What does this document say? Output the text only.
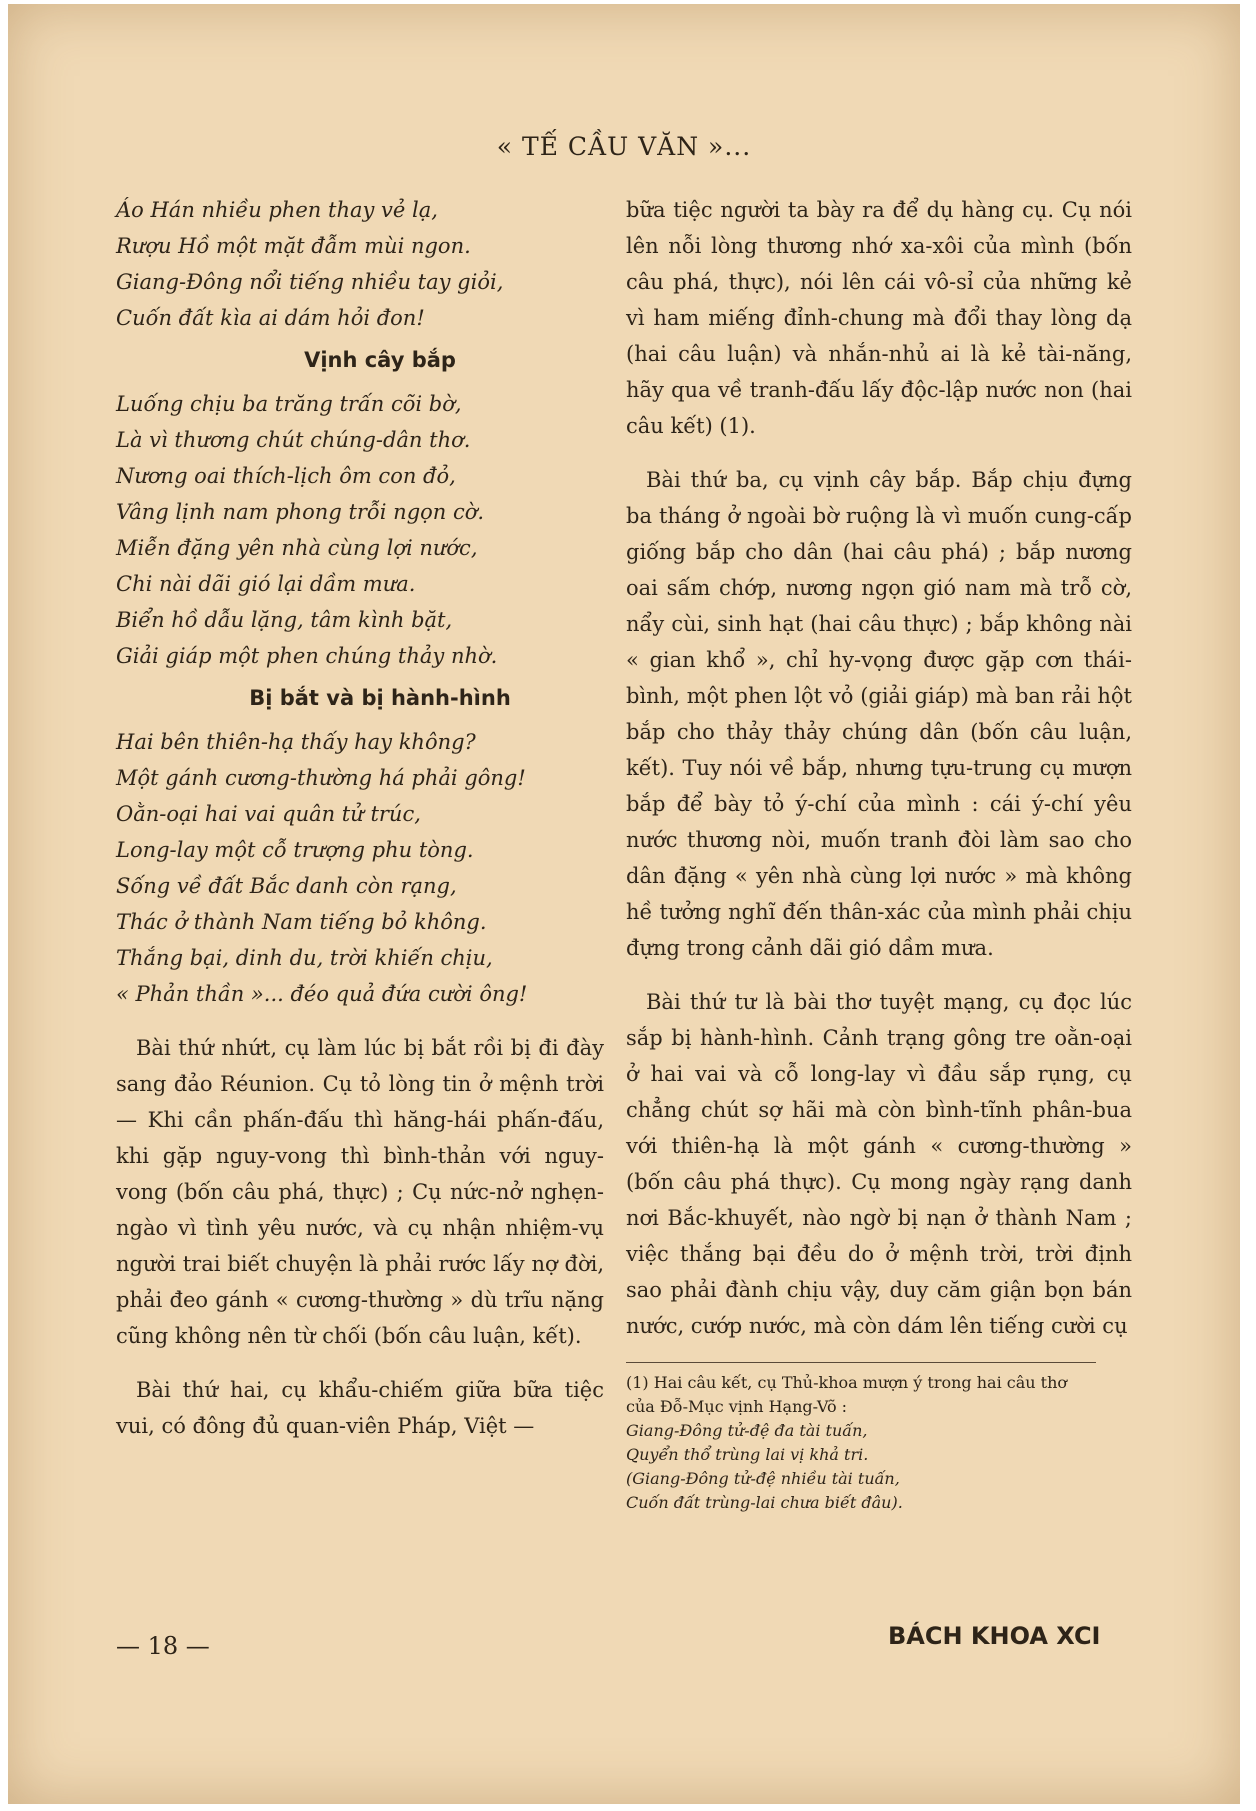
« TẾ CẦU VĂN »...

Áo Hán nhiều phen thay vẻ lạ,

Rượu Hồ một mặt đẫm mùi ngon.

Giang-Đông nổi tiếng nhiều tay giỏi,

Cuốn đất kìa ai dám hỏi đon!

Vịnh cây bắp

Luống chịu ba trăng trấn cõi bờ,

Là vì thương chút chúng-dân thơ.

Nương oai thích-lịch ôm con đỏ,

Vâng lịnh nam phong trỗi ngọn cờ.

Miễn đặng yên nhà cùng lợi nước,

Chi nài dãi gió lại dầm mưa.

Biển hồ dẫu lặng, tâm kình bặt,

Giải giáp một phen chúng thảy nhờ.

Bị bắt và bị hành-hình

Hai bên thiên-hạ thấy hay không?

Một gánh cương-thường há phải gông!

Oằn-oại hai vai quân tử trúc,

Long-lay một cỗ trượng phu tòng.

Sống về đất Bắc danh còn rạng,

Thác ở thành Nam tiếng bỏ không.

Thắng bại, dinh du, trời khiến chịu,

« Phản thần »... đéo quả đứa cười ông!

Bài thứ nhứt, cụ làm lúc bị bắt rồi bị đi đày sang đảo Réunion. Cụ tỏ lòng tin ở mệnh trời — Khi cần phấn-đấu thì hăng-hái phấn-đấu, khi gặp nguy-vong thì bình-thản với nguy-vong (bốn câu phá, thực) ; Cụ nức-nở nghẹn-ngào vì tình yêu nước, và cụ nhận nhiệm-vụ người trai biết chuyện là phải rước lấy nợ đời, phải đeo gánh « cương-thường » dù trĩu nặng cũng không nên từ chối (bốn câu luận, kết).

Bài thứ hai, cụ khẩu-chiếm giữa bữa tiệc vui, có đông đủ quan-viên Pháp, Việt —

bữa tiệc người ta bày ra để dụ hàng cụ. Cụ nói lên nỗi lòng thương nhớ xa-xôi của mình (bốn câu phá, thực), nói lên cái vô-sỉ của những kẻ vì ham miếng đỉnh-chung mà đổi thay lòng dạ (hai câu luận) và nhắn-nhủ ai là kẻ tài-năng, hãy qua về tranh-đấu lấy độc-lập nước non (hai câu kết) (1).

Bài thứ ba, cụ vịnh cây bắp. Bắp chịu đựng ba tháng ở ngoài bờ ruộng là vì muốn cung-cấp giống bắp cho dân (hai câu phá) ; bắp nương oai sấm chớp, nương ngọn gió nam mà trỗ cờ, nẩy cùi, sinh hạt (hai câu thực) ; bắp không nài « gian khổ », chỉ hy-vọng được gặp cơn thái-bình, một phen lột vỏ (giải giáp) mà ban rải hột bắp cho thảy thảy chúng dân (bốn câu luận, kết). Tuy nói về bắp, nhưng tựu-trung cụ mượn bắp để bày tỏ ý-chí của mình : cái ý-chí yêu nước thương nòi, muốn tranh đòi làm sao cho dân đặng « yên nhà cùng lợi nước » mà không hề tưởng nghĩ đến thân-xác của mình phải chịu đựng trong cảnh dãi gió dầm mưa.

Bài thứ tư là bài thơ tuyệt mạng, cụ đọc lúc sắp bị hành-hình. Cảnh trạng gông tre oằn-oại ở hai vai và cỗ long-lay vì đầu sắp rụng, cụ chẳng chút sợ hãi mà còn bình-tĩnh phân-bua với thiên-hạ là một gánh « cương-thường » (bốn câu phá thực). Cụ mong ngày rạng danh nơi Bắc-khuyết, nào ngờ bị nạn ở thành Nam ; việc thắng bại đều do ở mệnh trời, trời định sao phải đành chịu vậy, duy căm giận bọn bán nước, cướp nước, mà còn dám lên tiếng cười cụ

(1) Hai câu kết, cụ Thủ-khoa mượn ý trong hai câu thơ của Đỗ-Mục vịnh Hạng-Võ :

Giang-Đông tử-đệ đa tài tuấn,

Quyển thổ trùng lai vị khả tri.

(Giang-Đông tử-đệ nhiều tài tuấn,

Cuốn đất trùng-lai chưa biết đâu).

— 18 —	BÁCH KHOA XCI
